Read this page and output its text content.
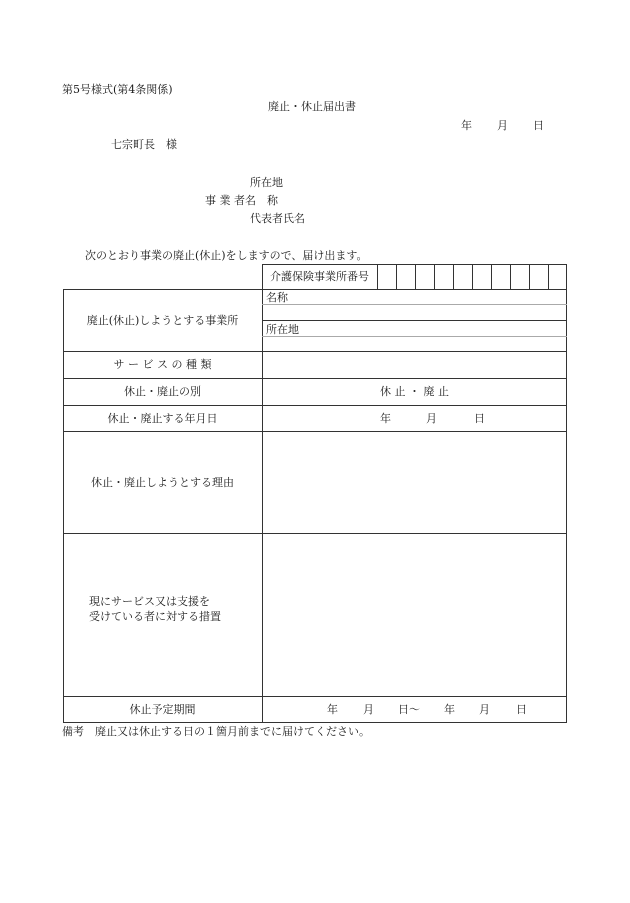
第5号様式(第4条関係)
廃止・休止届出書
年 月 日
七宗町長　様
所在地
事 業 者名　称
代表者氏名
次のとおり事業の廃止(休止)をしますので、届け出ます。
介護保険事業所番号
廃止(休止)しようとする事業所
名称
所在地
サ ー ビ ス の 種 類
休止・廃止の別	休 止 ・ 廃 止
休止・廃止する年月日	年	月	日
休止・廃止しようとする理由
現にサービス又は支援を
受けている者に対する措置
休止予定期間	年 月 日～ 年 月 日
備考　廃止又は休止する日の１箇月前までに届けてください。
